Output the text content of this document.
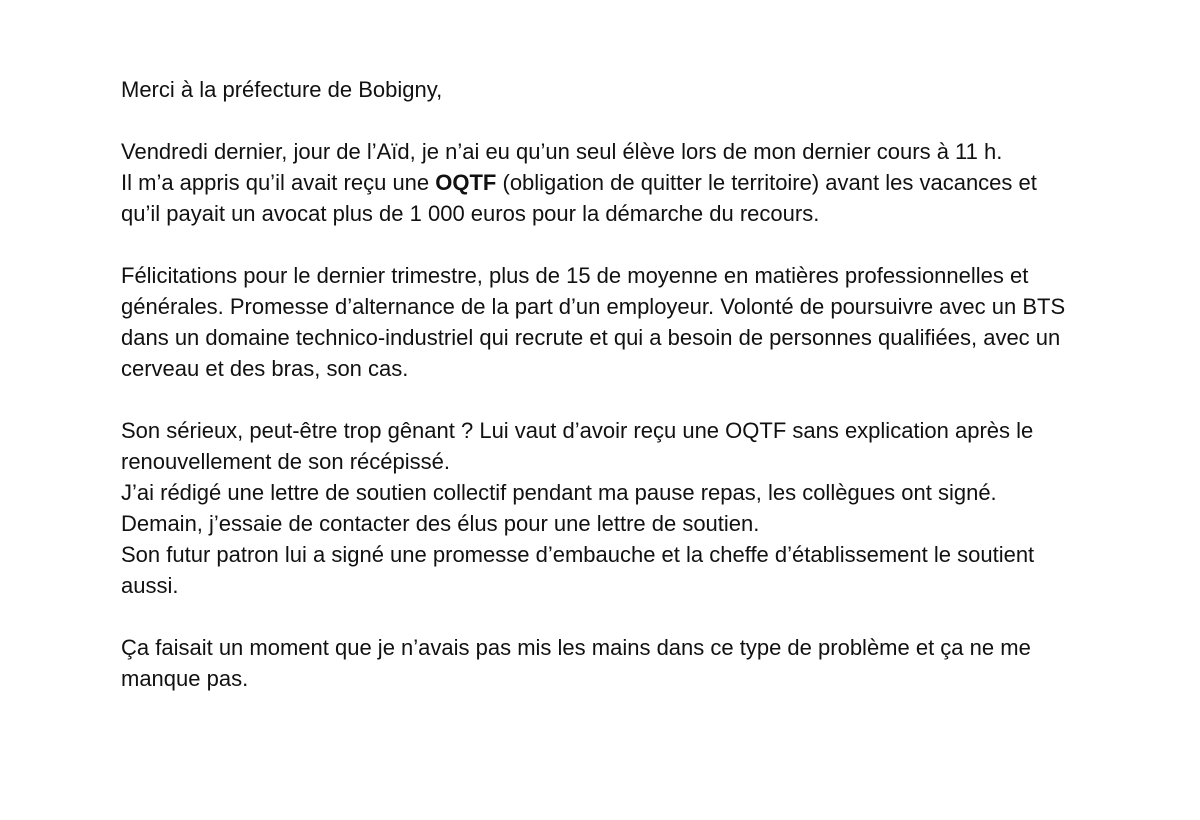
Merci à la préfecture de Bobigny,

Vendredi dernier, jour de l’Aïd, je n’ai eu qu’un seul élève lors de mon dernier cours à 11 h.
Il m’a appris qu’il avait reçu une OQTF (obligation de quitter le territoire) avant les vacances et qu’il payait un avocat plus de 1 000 euros pour la démarche du recours.

Félicitations pour le dernier trimestre, plus de 15 de moyenne en matières professionnelles et générales. Promesse d’alternance de la part d’un employeur. Volonté de poursuivre avec un BTS dans un domaine technico-industriel qui recrute et qui a besoin de personnes qualifiées, avec un cerveau et des bras, son cas.

Son sérieux, peut-être trop gênant ? Lui vaut d’avoir reçu une OQTF sans explication après le renouvellement de son récépissé.
J’ai rédigé une lettre de soutien collectif pendant ma pause repas, les collègues ont signé.
Demain, j’essaie de contacter des élus pour une lettre de soutien.
Son futur patron lui a signé une promesse d’embauche et la cheffe d’établissement le soutient aussi.

Ça faisait un moment que je n’avais pas mis les mains dans ce type de problème et ça ne me manque pas.
